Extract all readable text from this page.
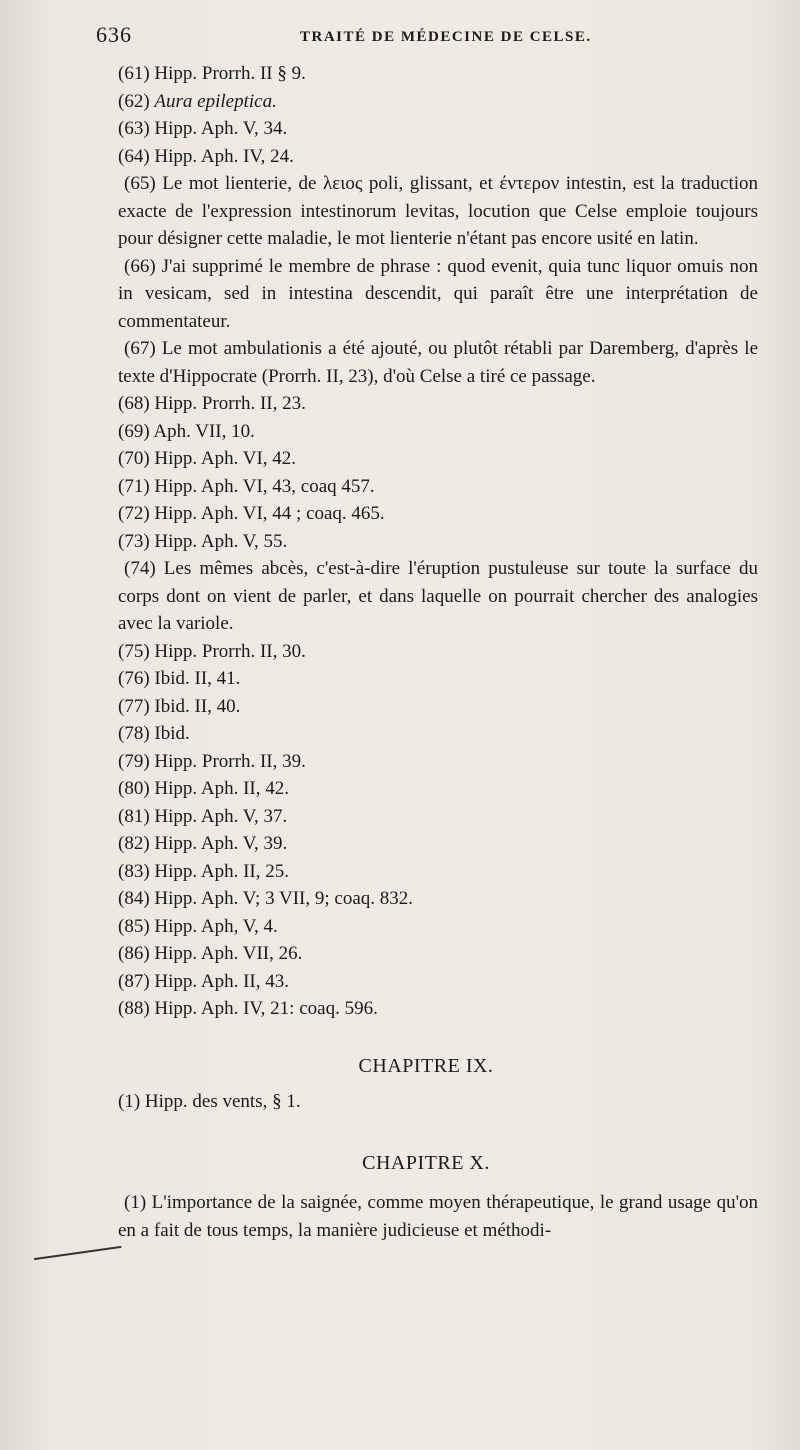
636	TRAITÉ DE MÉDECINE DE CELSE.

(61) Hipp. Prorrh. II § 9.

(62) Aura epileptica.

(63) Hipp. Aph. V, 34.

(64) Hipp. Aph. IV, 24.

(65) Le mot lienterie, de λειος poli, glissant, et έντερον intestin, est la traduction exacte de l'expression intestinorum levitas, locution que Celse emploie toujours pour désigner cette maladie, le mot lienterie n'étant pas encore usité en latin.

(66) J'ai supprimé le membre de phrase : quod evenit, quia tunc liquor omuis non in vesicam, sed in intestina descendit, qui paraît être une interprétation de commentateur.

(67) Le mot ambulationis a été ajouté, ou plutôt rétabli par Daremberg, d'après le texte d'Hippocrate (Prorrh. II, 23), d'où Celse a tiré ce passage.

(68) Hipp. Prorrh. II, 23.

(69) Aph. VII, 10.

(70) Hipp. Aph. VI, 42.

(71) Hipp. Aph. VI, 43, coaq 457.

(72) Hipp. Aph. VI, 44 ; coaq. 465.

(73) Hipp. Aph. V, 55.

(74) Les mêmes abcès, c'est-à-dire l'éruption pustuleuse sur toute la surface du corps dont on vient de parler, et dans laquelle on pourrait chercher des analogies avec la variole.

(75) Hipp. Prorrh. II, 30.

(76) Ibid. II, 41.

(77) Ibid. II, 40.

(78) Ibid.

(79) Hipp. Prorrh. II, 39.

(80) Hipp. Aph. II, 42.

(81) Hipp. Aph. V, 37.

(82) Hipp. Aph. V, 39.

(83) Hipp. Aph. II, 25.

(84) Hipp. Aph. V; 3 VII, 9; coaq. 832.

(85) Hipp. Aph, V, 4.

(86) Hipp. Aph. VII, 26.

(87) Hipp. Aph. II, 43.

(88) Hipp. Aph. IV, 21: coaq. 596.

CHAPITRE IX.

(1) Hipp. des vents, § 1.

CHAPITRE X.

(1) L'importance de la saignée, comme moyen thérapeutique, le grand usage qu'on en a fait de tous temps, la manière judicieuse et méthodi-
